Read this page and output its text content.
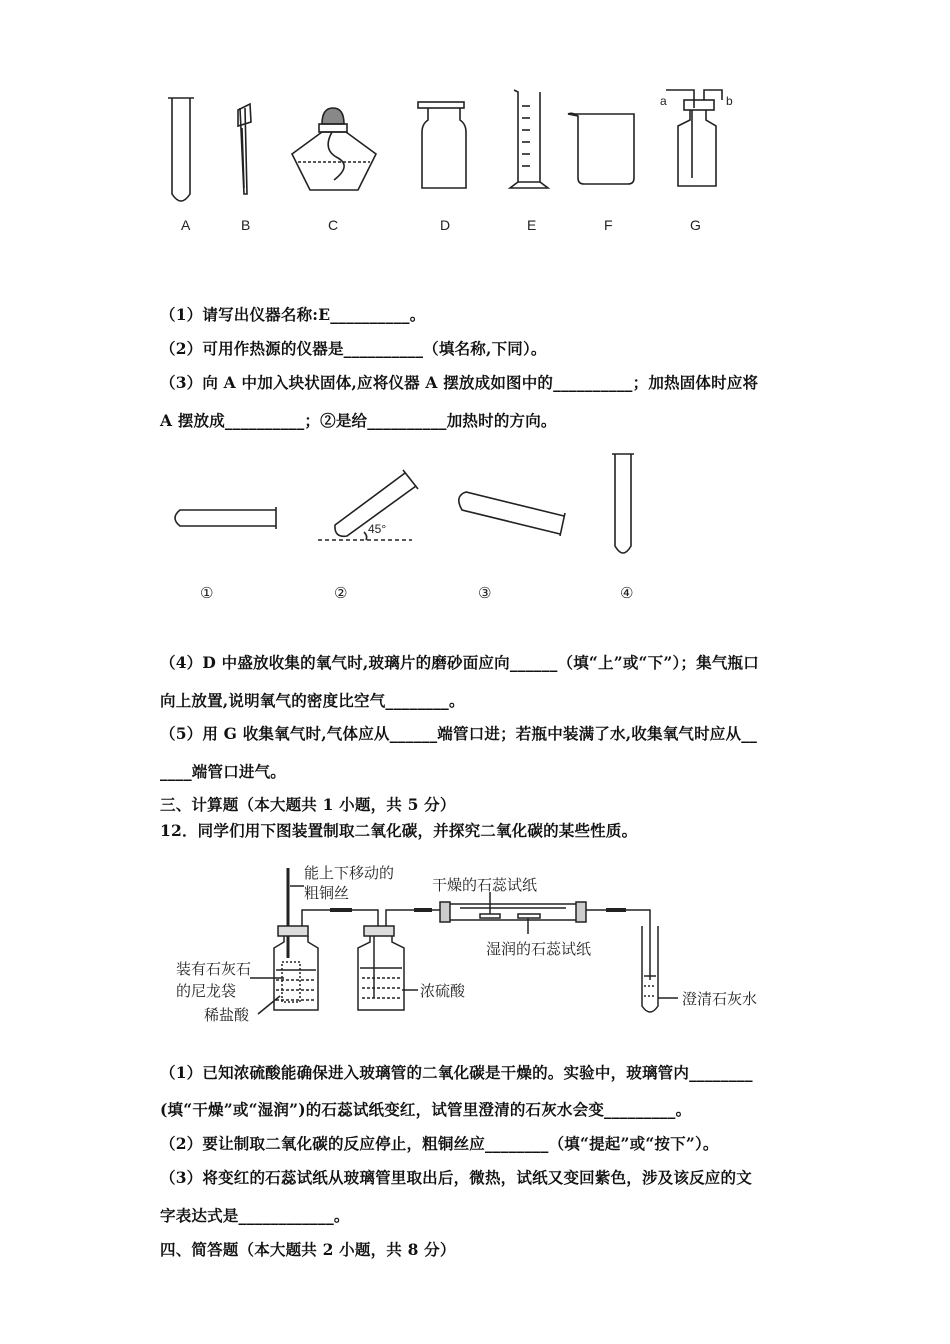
a	b
A	B	C	D	E	F	G
（1）请写出仪器名称:E__________。
（2）可用作热源的仪器是__________（填名称,下同）。
（3）向 A 中加入块状固体,应将仪器 A 摆放成如图中的__________；加热固体时应将
A 摆放成__________；②是给__________加热时的方向。
45°
①	②	③	④
（4）D 中盛放收集的氧气时,玻璃片的磨砂面应向______（填“上”或“下”）；集气瓶口
向上放置,说明氧气的密度比空气________。
（5）用 G 收集氧气时,气体应从______端管口进；若瓶中装满了水,收集氧气时应从__
____端管口进气。
三、计算题（本大题共 1 小题，共 5 分）
12．同学们用下图装置制取二氧化碳，并探究二氧化碳的某些性质。
能上下移动的
粗铜丝	干燥的石蕊试纸
湿润的石蕊试纸
装有石灰石
的尼龙袋
稀盐酸
浓硫酸	澄清石灰水
（1）已知浓硫酸能确保进入玻璃管的二氧化碳是干燥的。实验中，玻璃管内________
(填“干燥”或“湿润”)的石蕊试纸变红，试管里澄清的石灰水会变_________。
（2）要让制取二氧化碳的反应停止，粗铜丝应________（填“提起”或“按下”）。
（3）将变红的石蕊试纸从玻璃管里取出后，微热，试纸又变回紫色，涉及该反应的文
字表达式是____________。
四、简答题（本大题共 2 小题，共 8 分）
